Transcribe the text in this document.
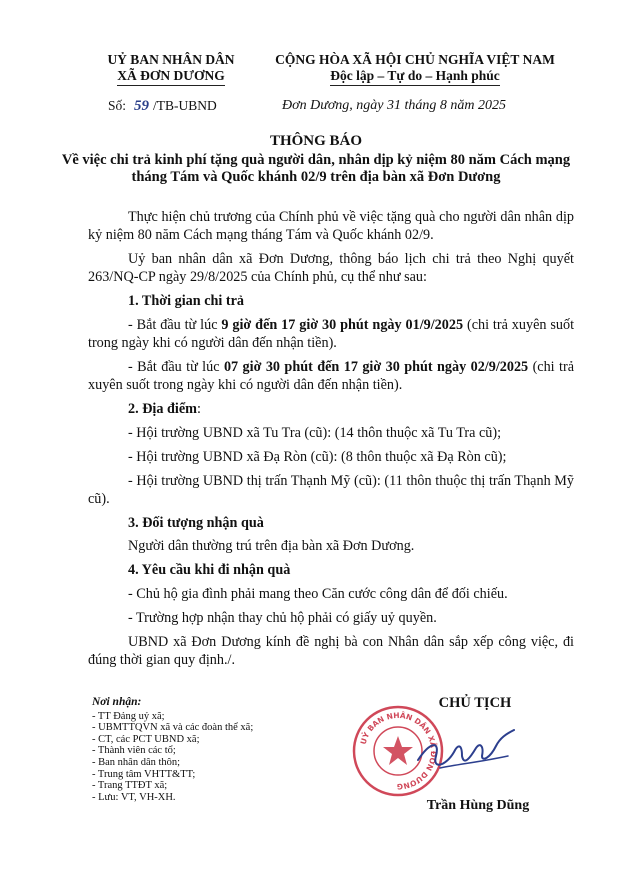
UỶ BAN NHÂN DÂN
XÃ ĐƠN DƯƠNG
CỘNG HÒA XÃ HỘI CHỦ NGHĨA VIỆT NAM
Độc lập – Tự do – Hạnh phúc
Số: 59 /TB-UBND	Đơn Dương, ngày 31 tháng 8 năm 2025
THÔNG BÁO
Về việc chi trả kinh phí tặng quà người dân, nhân dịp kỷ niệm 80 năm Cách mạng tháng Tám và Quốc khánh 02/9 trên địa bàn xã Đơn Dương

Thực hiện chủ trương của Chính phủ về việc tặng quà cho người dân nhân dịp kỷ niệm 80 năm Cách mạng tháng Tám và Quốc khánh 02/9.

Uỷ ban nhân dân xã Đơn Dương, thông báo lịch chi trả theo Nghị quyết 263/NQ-CP ngày 29/8/2025 của Chính phủ, cụ thể như sau:

1. Thời gian chi trả

- Bắt đầu từ lúc 9 giờ đến 17 giờ 30 phút ngày 01/9/2025 (chi trả xuyên suốt trong ngày khi có người dân đến nhận tiền).

- Bắt đầu từ lúc 07 giờ 30 phút đến 17 giờ 30 phút ngày 02/9/2025 (chi trả xuyên suốt trong ngày khi có người dân đến nhận tiền).

2. Địa điểm:

- Hội trường UBND xã Tu Tra (cũ): (14 thôn thuộc xã Tu Tra cũ);

- Hội trường UBND xã Đạ Ròn (cũ): (8 thôn thuộc xã Đạ Ròn cũ);

- Hội trường UBND thị trấn Thạnh Mỹ (cũ): (11 thôn thuộc thị trấn Thạnh Mỹ cũ).

3. Đối tượng nhận quà

Người dân thường trú trên địa bàn xã Đơn Dương.

4. Yêu cầu khi đi nhận quà

- Chủ hộ gia đình phải mang theo Căn cước công dân để đối chiếu.

- Trường hợp nhận thay chủ hộ phải có giấy uỷ quyền.

UBND xã Đơn Dương kính đề nghị bà con Nhân dân sắp xếp công việc, đi đúng thời gian quy định./.

Nơi nhận:
- TT Đảng uỷ xã;
- UBMTTQVN xã và các đoàn thể xã;
- CT, các PCT UBND xã;
- Thành viên các tổ;
- Ban nhân dân thôn;
- Trung tâm VHTT&TT;
- Trang TTĐT xã;
- Lưu: VT, VH-XH.
CHỦ TỊCH
UỶ BAN NHÂN DÂN XÃ ĐƠN DƯƠNG
Trần Hùng Dũng
